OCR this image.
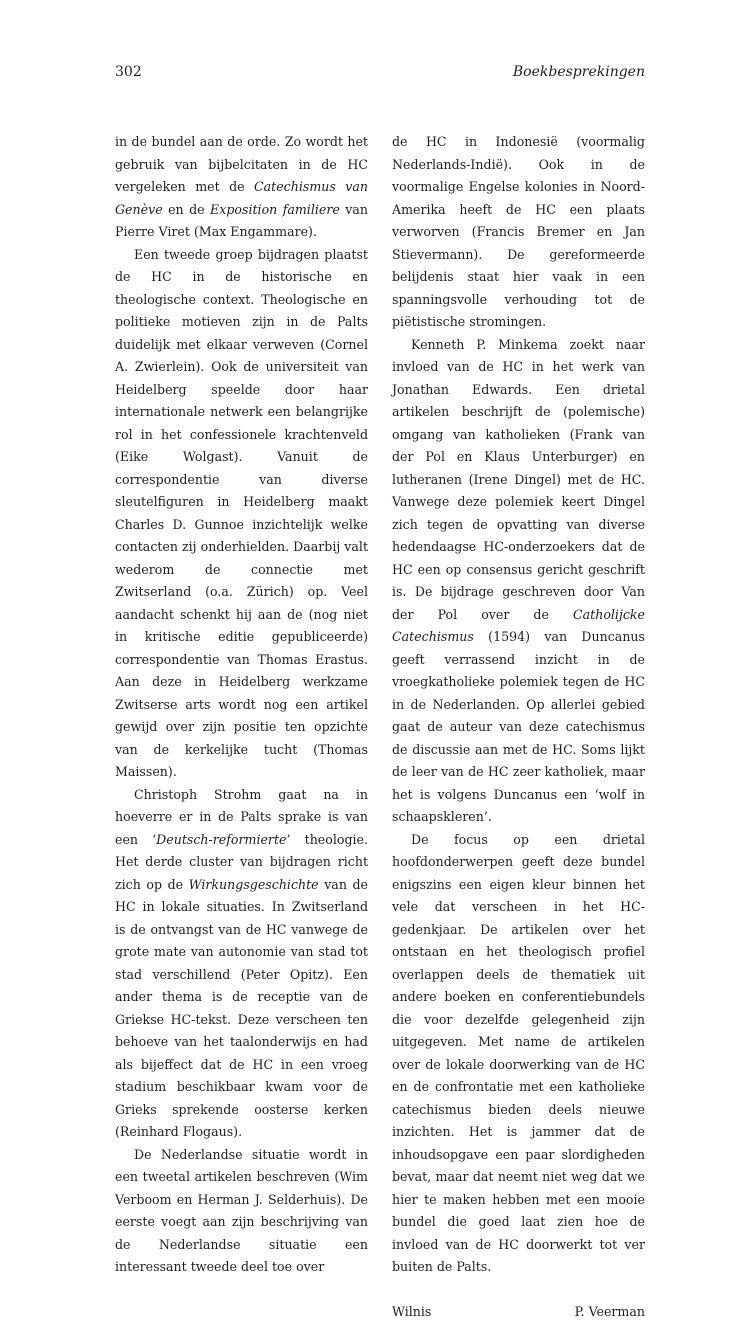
302	Boekbesprekingen

in de bundel aan de orde. Zo wordt het gebruik van bijbelcitaten in de HC vergeleken met de Catechismus van Genève en de Exposition familiere van Pierre Viret (Max Engammare).

Een tweede groep bijdragen plaatst de HC in de historische en theologische context. Theologische en politieke motieven zijn in de Palts duidelijk met elkaar verweven (Cornel A. Zwierlein). Ook de universiteit van Heidelberg speelde door haar internationale netwerk een belangrijke rol in het confessionele krachtenveld (Eike Wolgast). Vanuit de correspondentie van diverse sleutelfiguren in Heidelberg maakt Charles D. Gunnoe inzichtelijk welke contacten zij onderhielden. Daarbij valt wederom de connectie met Zwitserland (o.a. Zürich) op. Veel aandacht schenkt hij aan de (nog niet in kritische editie gepubliceerde) correspondentie van Thomas Erastus. Aan deze in Heidelberg werkzame Zwitserse arts wordt nog een artikel gewijd over zijn positie ten opzichte van de kerkelijke tucht (Thomas Maissen).

Christoph Strohm gaat na in hoeverre er in de Palts sprake is van een ‘Deutsch-reformierte’ theologie. Het derde cluster van bijdragen richt zich op de Wirkungsgeschichte van de HC in lokale situaties. In Zwitserland is de ontvangst van de HC vanwege de grote mate van autonomie van stad tot stad verschillend (Peter Opitz). Een ander thema is de receptie van de Griekse HC-tekst. Deze verscheen ten behoeve van het taalonderwijs en had als bijeffect dat de HC in een vroeg stadium beschikbaar kwam voor de Grieks sprekende oosterse kerken (Reinhard Flogaus).

De Nederlandse situatie wordt in een tweetal artikelen beschreven (Wim Verboom en Herman J. Selderhuis). De eerste voegt aan zijn beschrijving van de Nederlandse situatie een interessant tweede deel toe over

de HC in Indonesië (voormalig Nederlands-Indië). Ook in de voormalige Engelse kolonies in Noord-Amerika heeft de HC een plaats verworven (Francis Bremer en Jan Stievermann). De gereformeerde belijdenis staat hier vaak in een spanningsvolle verhouding tot de piëtistische stromingen.

Kenneth P. Minkema zoekt naar invloed van de HC in het werk van Jonathan Edwards. Een drietal artikelen beschrijft de (polemische) omgang van katholieken (Frank van der Pol en Klaus Unterburger) en lutheranen (Irene Dingel) met de HC. Vanwege deze polemiek keert Dingel zich tegen de opvatting van diverse hedendaagse HC-onderzoekers dat de HC een op consensus gericht geschrift is. De bijdrage geschreven door Van der Pol over de Catholijcke Catechismus (1594) van Duncanus geeft verrassend inzicht in de vroegkatholieke polemiek tegen de HC in de Nederlanden. Op allerlei gebied gaat de auteur van deze catechismus de discussie aan met de HC. Soms lijkt de leer van de HC zeer katholiek, maar het is volgens Duncanus een ‘wolf in schaapskleren’.

De focus op een drietal hoofdonderwerpen geeft deze bundel enigszins een eigen kleur binnen het vele dat verscheen in het HC-gedenkjaar. De artikelen over het ontstaan en het theologisch profiel overlappen deels de thematiek uit andere boeken en conferentiebundels die voor dezelfde gelegenheid zijn uitgegeven. Met name de artikelen over de lokale doorwerking van de HC en de confrontatie met een katholieke catechismus bieden deels nieuwe inzichten. Het is jammer dat de inhoudsopgave een paar slordigheden bevat, maar dat neemt niet weg dat we hier te maken hebben met een mooie bundel die goed laat zien hoe de invloed van de HC doorwerkt tot ver buiten de Palts.

Wilnis	P. Veerman
